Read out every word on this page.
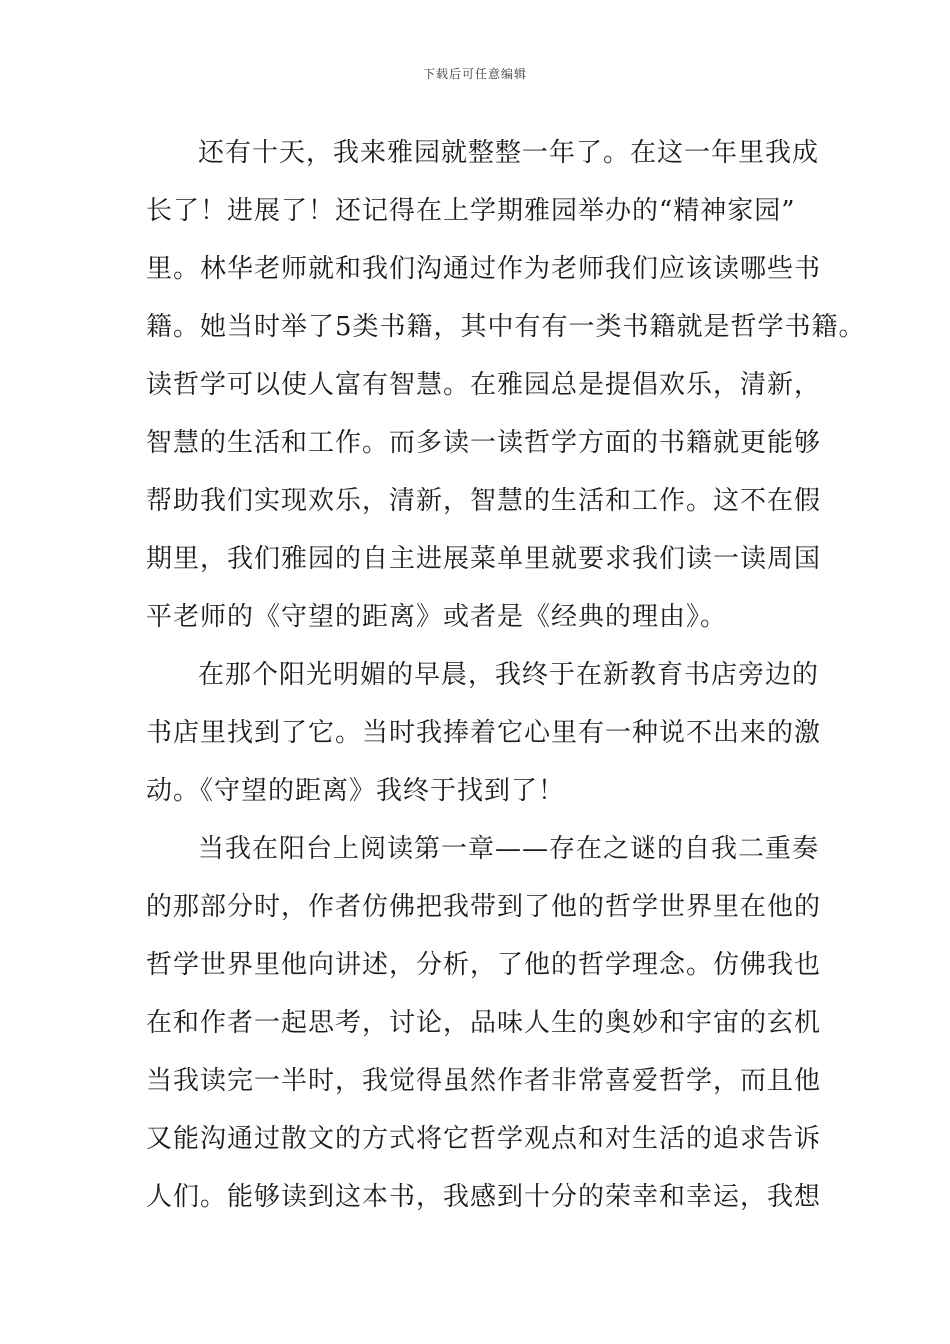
下载后可任意编辑
还有十天，我来雅园就整整一年了。在这一年里我成
长了！进展了！还记得在上学期雅园举办的“精神家园”
里。林华老师就和我们沟通过作为老师我们应该读哪些书
籍。她当时举了5类书籍，其中有有一类书籍就是哲学书籍。
读哲学可以使人富有智慧。在雅园总是提倡欢乐，清新，
智慧的生活和工作。而多读一读哲学方面的书籍就更能够
帮助我们实现欢乐，清新，智慧的生活和工作。这不在假
期里，我们雅园的自主进展菜单里就要求我们读一读周国
平老师的《守望的距离》或者是《经典的理由》。
在那个阳光明媚的早晨，我终于在新教育书店旁边的
书店里找到了它。当时我捧着它心里有一种说不出来的激
动。《守望的距离》我终于找到了！
当我在阳台上阅读第一章——存在之谜的自我二重奏
的那部分时，作者仿佛把我带到了他的哲学世界里在他的
哲学世界里他向讲述，分析，了他的哲学理念。仿佛我也
在和作者一起思考，讨论，品味人生的奥妙和宇宙的玄机
当我读完一半时，我觉得虽然作者非常喜爱哲学，而且他
又能沟通过散文的方式将它哲学观点和对生活的追求告诉
人们。能够读到这本书，我感到十分的荣幸和幸运，我想
